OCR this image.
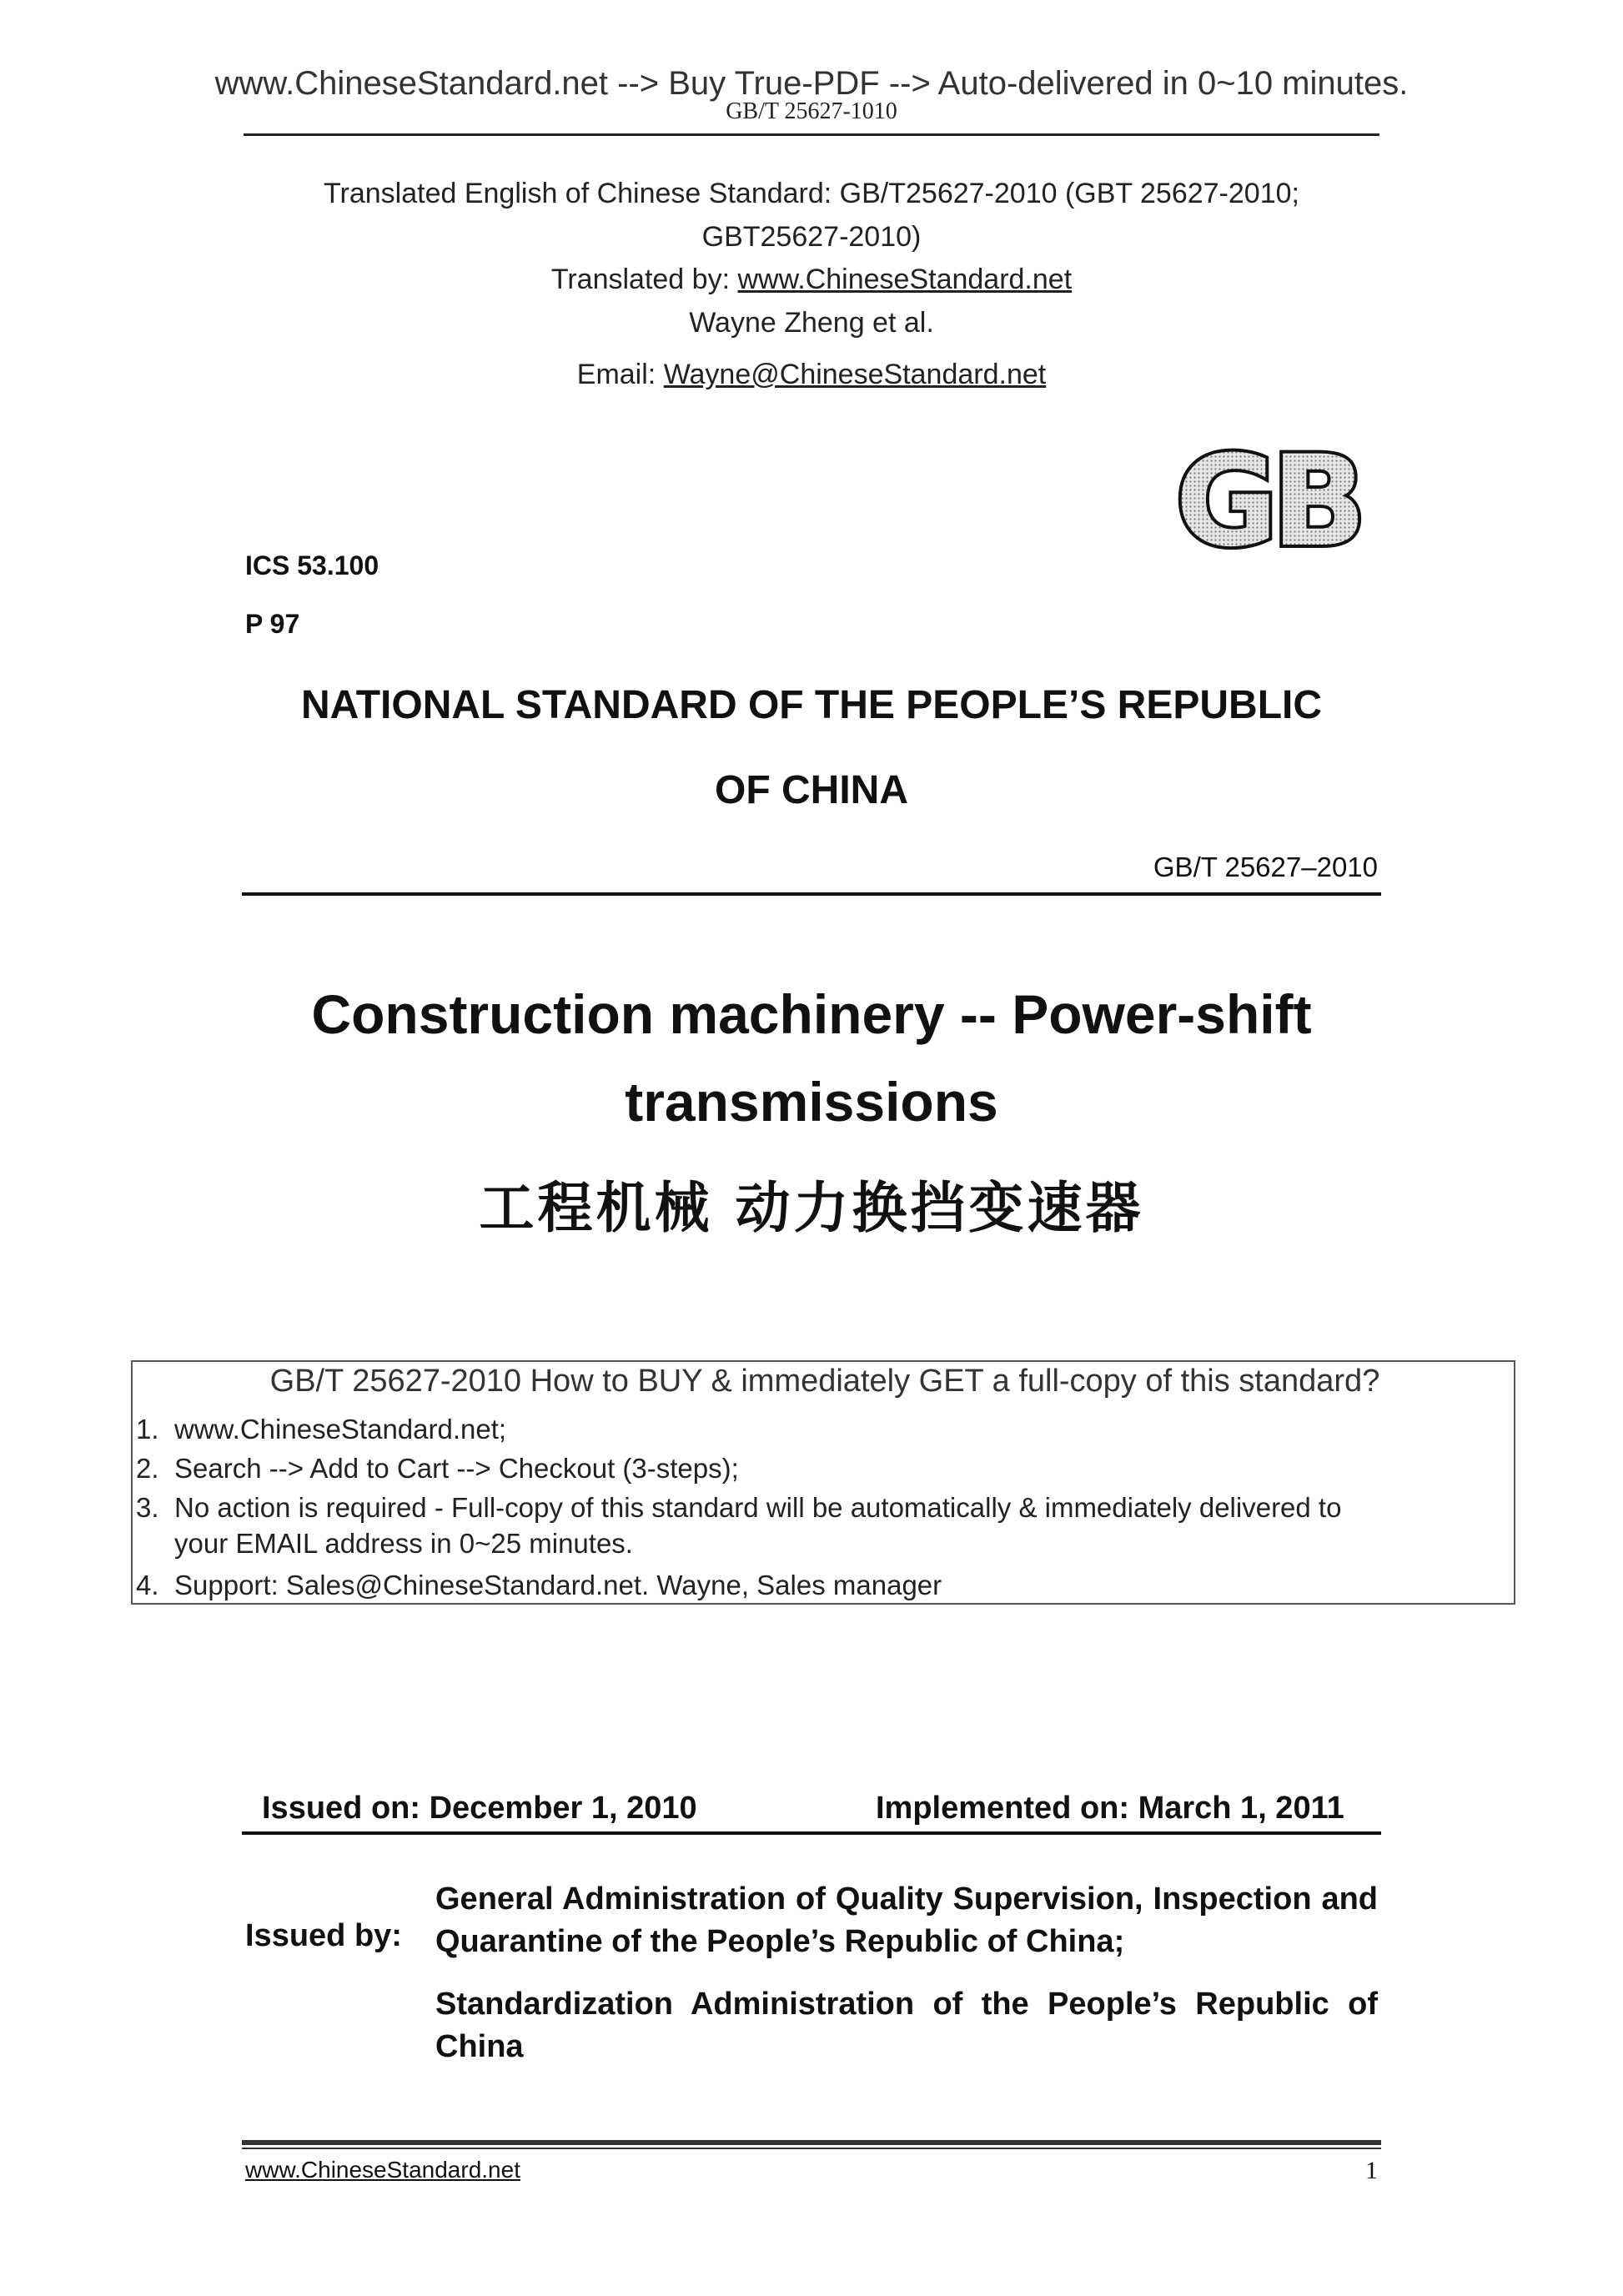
www.ChineseStandard.net --> Buy True-PDF --> Auto-delivered in 0~10 minutes.
GB/T 25627-1010
Translated English of Chinese Standard: GB/T25627-2010 (GBT 25627-2010;
GBT25627-2010)
Translated by: www.ChineseStandard.net
Wayne Zheng et al.
Email: Wayne@ChineseStandard.net
GB
ICS 53.100
P 97
NATIONAL STANDARD OF THE PEOPLE’S REPUBLIC
OF CHINA
GB/T 25627–2010
Construction machinery -- Power-shift
transmissions
工程机械 动力换挡变速器
GB/T 25627-2010 How to BUY & immediately GET a full-copy of this standard?
1. www.ChineseStandard.net;
2. Search --> Add to Cart --> Checkout (3-steps);
3. No action is required - Full-copy of this standard will be automatically & immediately delivered to
your EMAIL address in 0~25 minutes.
4. Support: Sales@ChineseStandard.net. Wayne, Sales manager
Issued on: December 1, 2010	Implemented on: March 1, 2011
Issued by:
General Administration of Quality Supervision, Inspection and Quarantine of the People’s Republic of China;
Standardization Administration of the People’s Republic of China
www.ChineseStandard.net	1
